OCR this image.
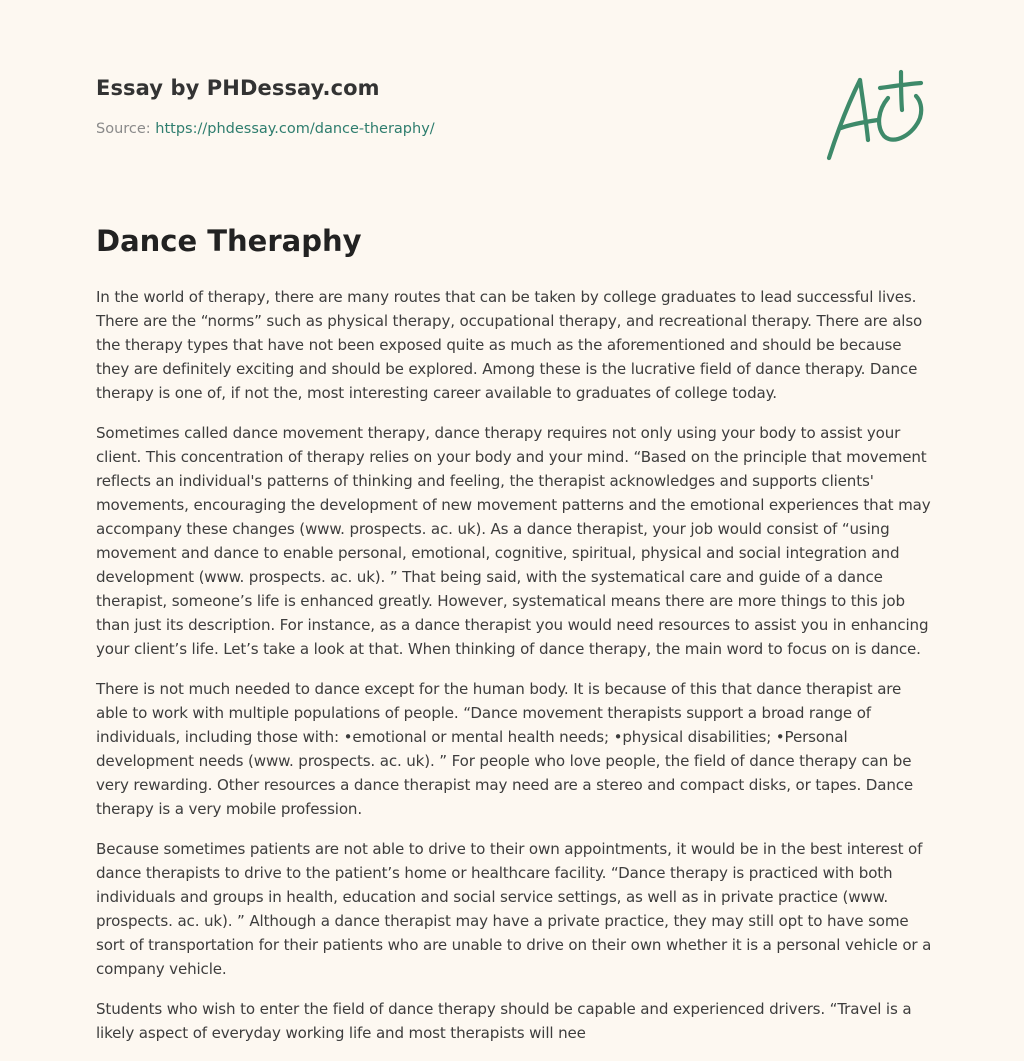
Essay by PHDessay.com
Source: https://phdessay.com/dance-theraphy/
Dance Theraphy

In the world of therapy, there are many routes that can be taken by college graduates to lead successful lives. There are the “norms” such as physical therapy, occupational therapy, and recreational therapy. There are also the therapy types that have not been exposed quite as much as the aforementioned and should be because they are definitely exciting and should be explored. Among these is the lucrative field of dance therapy. Dance therapy is one of, if not the, most interesting career available to graduates of college today.

Sometimes called dance movement therapy, dance therapy requires not only using your body to assist your client. This concentration of therapy relies on your body and your mind. “Based on the principle that movement reflects an individual's patterns of thinking and feeling, the therapist acknowledges and supports clients' movements, encouraging the development of new movement patterns and the emotional experiences that may accompany these changes (www. prospects. ac. uk). As a dance therapist, your job would consist of “using movement and dance to enable personal, emotional, cognitive, spiritual, physical and social integration and development (www. prospects. ac. uk). ” That being said, with the systematical care and guide of a dance therapist, someone’s life is enhanced greatly. However, systematical means there are more things to this job than just its description. For instance, as a dance therapist you would need resources to assist you in enhancing your client’s life. Let’s take a look at that. When thinking of dance therapy, the main word to focus on is dance.

There is not much needed to dance except for the human body. It is because of this that dance therapist are able to work with multiple populations of people. “Dance movement therapists support a broad range of individuals, including those with: •emotional or mental health needs; •physical disabilities; •Personal development needs (www. prospects. ac. uk). ” For people who love people, the field of dance therapy can be very rewarding. Other resources a dance therapist may need are a stereo and compact disks, or tapes. Dance therapy is a very mobile profession.

Because sometimes patients are not able to drive to their own appointments, it would be in the best interest of dance therapists to drive to the patient’s home or healthcare facility. “Dance therapy is practiced with both individuals and groups in health, education and social service settings, as well as in private practice (www. prospects. ac. uk). ” Although a dance therapist may have a private practice, they may still opt to have some sort of transportation for their patients who are unable to drive on their own whether it is a personal vehicle or a company vehicle.

Students who wish to enter the field of dance therapy should be capable and experienced drivers. “Travel is a likely aspect of everyday working life and most therapists will nee
